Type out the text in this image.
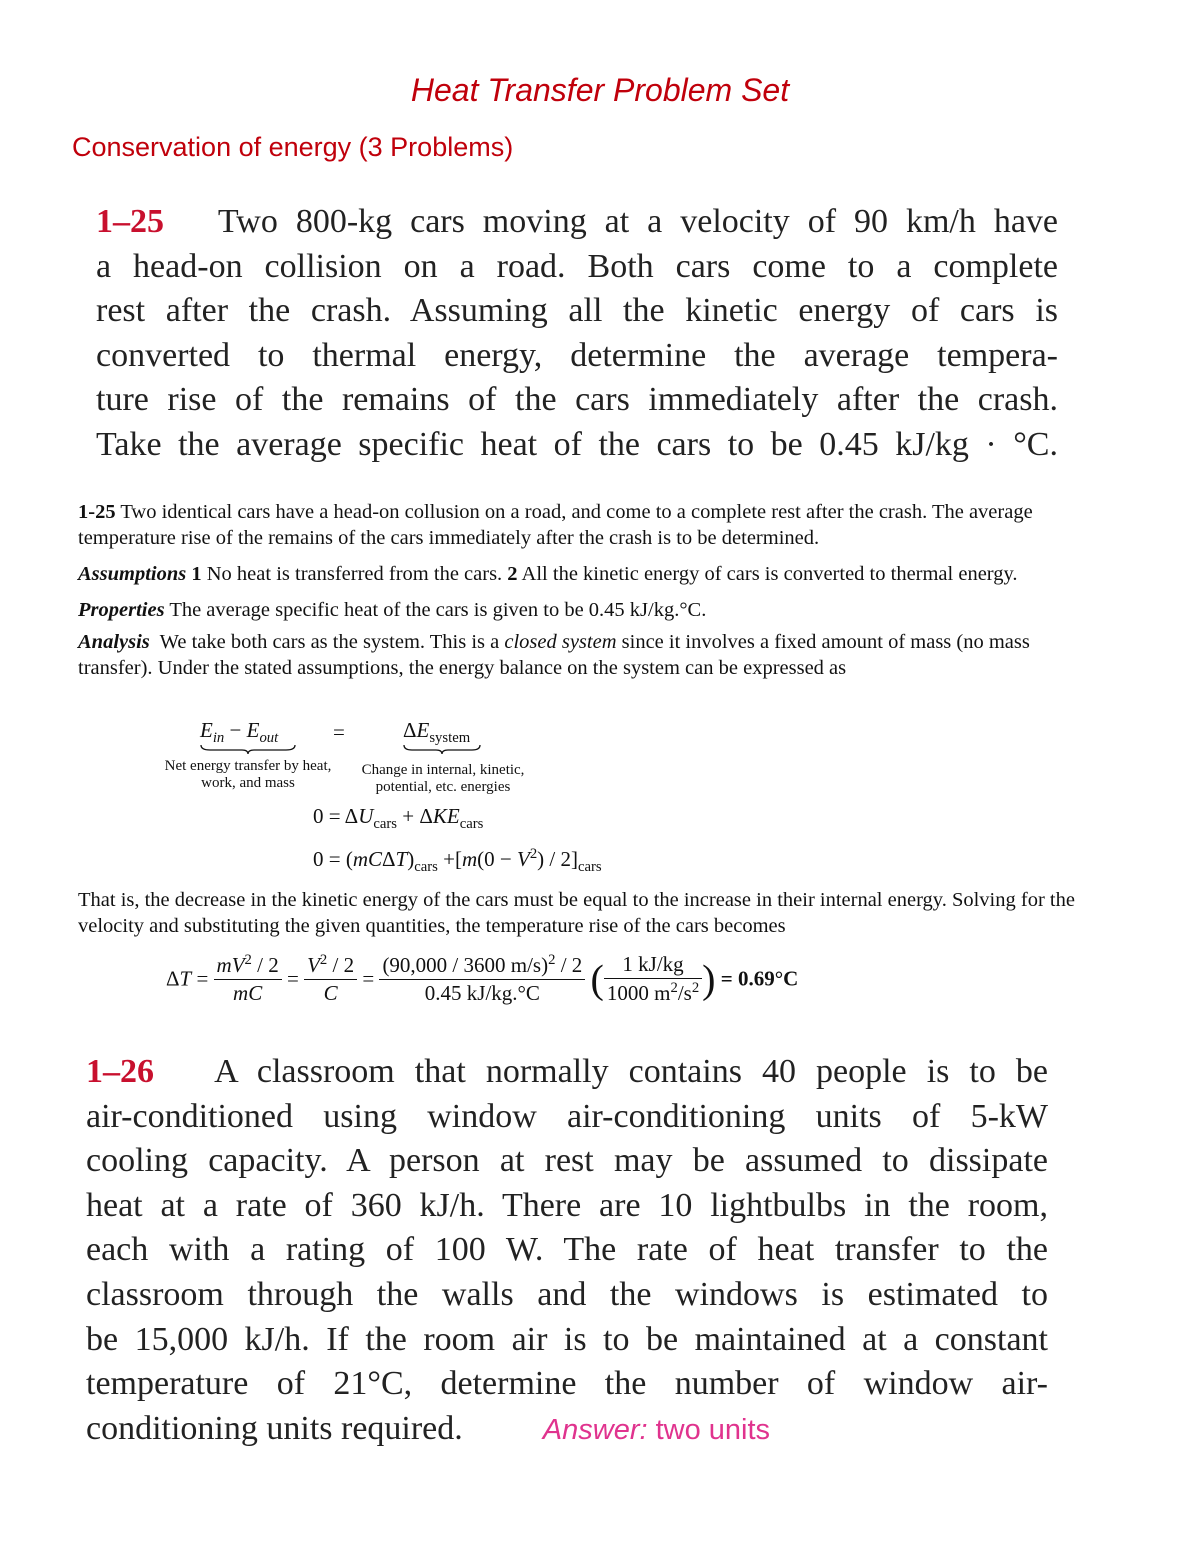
Heat Transfer Problem Set
Conservation of energy (3 Problems)
1–25 Two 800-kg cars moving at a velocity of 90 km/h have
a head-on collision on a road. Both cars come to a complete
rest after the crash. Assuming all the kinetic energy of cars is
converted to thermal energy, determine the average tempera-
ture rise of the remains of the cars immediately after the crash.
Take the average specific heat of the cars to be 0.45 kJ/kg · °C.

1-25 Two identical cars have a head-on collusion on a road, and come to a complete rest after the crash. The average temperature rise of the remains of the cars immediately after the crash is to be determined.

Assumptions 1 No heat is transferred from the cars. 2 All the kinetic energy of cars is converted to thermal energy.

Properties The average specific heat of the cars is given to be 0.45 kJ/kg.°C.

Analysis We take both cars as the system. This is a closed system since it involves a fixed amount of mass (no mass transfer). Under the stated assumptions, the energy balance on the system can be expressed as

$E_{in} - E_{out}$	=	$\Delta E_{system}$
Net energy transfer by heat, work, and mass
Change in internal, kinetic, potential, etc. energies
$0 = \Delta U_{cars} + \Delta KE_{cars}$
$0 = (mC\Delta T)_{cars} +[m(0 - V^2) / 2]_{cars}$
That is, the decrease in the kinetic energy of the cars must be equal to the increase in their internal energy. Solving for the velocity and substituting the given quantities, the temperature rise of the cars becomes
$\Delta T = \frac{mV^2 / 2}{mC} = \frac{V^2 / 2}{C} = \frac{(90,000 / 3600 m/s)^2 / 2}{0.45 kJ/kg.^\circ C}$ ( $\frac{1 kJ/kg}{1000 m^2/s^2}$ ) = 0.69°C
1–26 A classroom that normally contains 40 people is to be
air-conditioned using window air-conditioning units of 5-kW
cooling capacity. A person at rest may be assumed to dissipate
heat at a rate of 360 kJ/h. There are 10 lightbulbs in the room,
each with a rating of 100 W. The rate of heat transfer to the
classroom through the walls and the windows is estimated to
be 15,000 kJ/h. If the room air is to be maintained at a constant
temperature of 21°C, determine the number of window air-
conditioning units required.	Answer: two units
